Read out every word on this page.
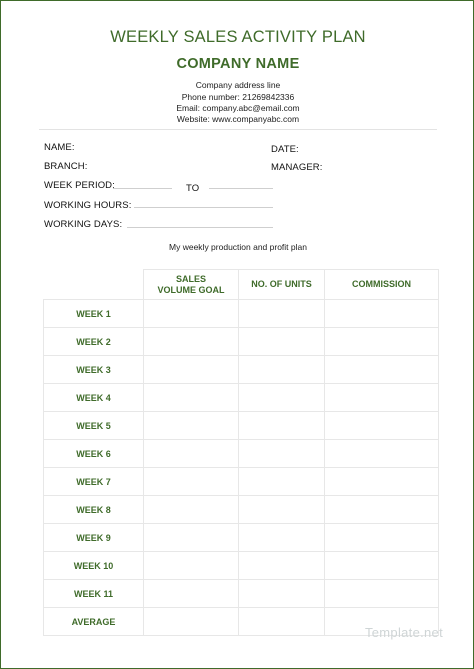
WEEKLY SALES ACTIVITY PLAN
COMPANY NAME
Company address line
Phone number: 21269842336
Email: company.abc@email.com
Website: www.companyabc.com
NAME:	DATE:
BRANCH:	MANAGER:
WEEK PERIOD:	TO
WORKING HOURS:
WORKING DAYS:
My weekly production and profit plan
	SALES VOLUME GOAL	NO. OF UNITS	COMMISSION
WEEK 1			
WEEK 2			
WEEK 3			
WEEK 4			
WEEK 5			
WEEK 6			
WEEK 7			
WEEK 8			
WEEK 9			
WEEK 10			
WEEK 11			
AVERAGE			
Template.net
